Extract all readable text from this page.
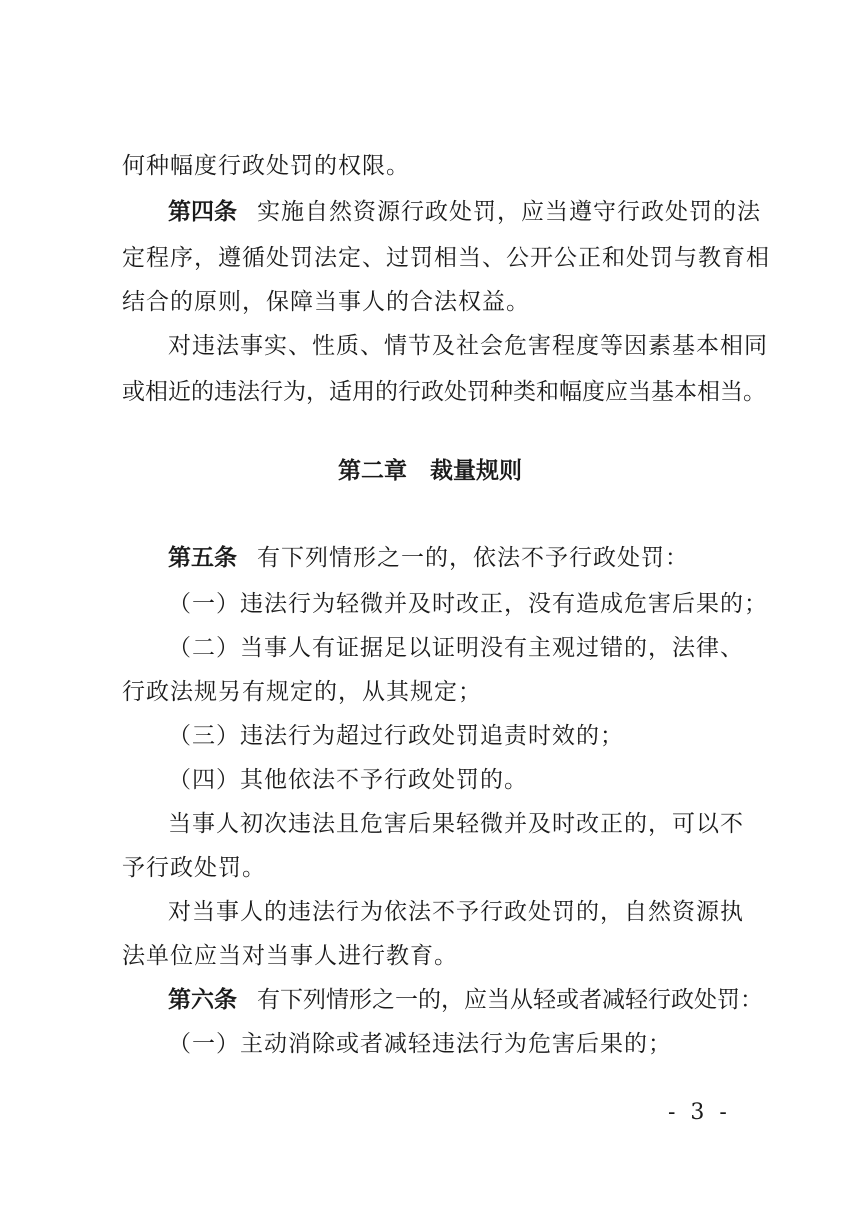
何种幅度行政处罚的权限。
第四条 实施自然资源行政处罚，应当遵守行政处罚的法
定程序，遵循处罚法定、过罚相当、公开公正和处罚与教育相
结合的原则，保障当事人的合法权益。
对违法事实、性质、情节及社会危害程度等因素基本相同
或相近的违法行为，适用的行政处罚种类和幅度应当基本相当。
第二章　裁量规则
第五条 有下列情形之一的，依法不予行政处罚：
（一）违法行为轻微并及时改正，没有造成危害后果的；
（二）当事人有证据足以证明没有主观过错的，法律、
行政法规另有规定的，从其规定；
（三）违法行为超过行政处罚追责时效的；
（四）其他依法不予行政处罚的。
当事人初次违法且危害后果轻微并及时改正的，可以不
予行政处罚。
对当事人的违法行为依法不予行政处罚的，自然资源执
法单位应当对当事人进行教育。
第六条 有下列情形之一的，应当从轻或者减轻行政处罚：
（一）主动消除或者减轻违法行为危害后果的；
- 3 -
